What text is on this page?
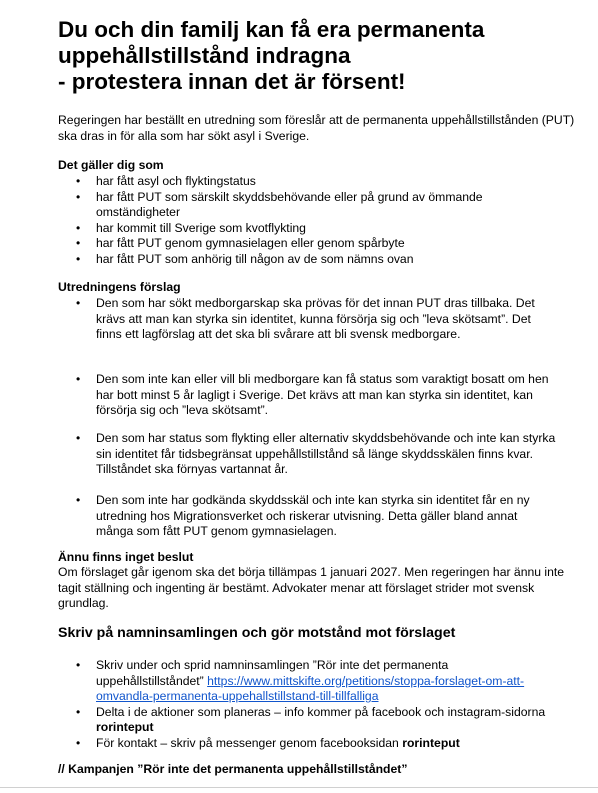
Du och din familj kan få era permanenta
uppehållstillstånd indragna
- protestera innan det är försent!

Regeringen har beställt en utredning som föreslår att de permanenta uppehållstillstånden (PUT) ska dras in för alla som har sökt asyl i Sverige.

Det gäller dig som

•	har fått asyl och flyktingstatus
•	har fått PUT som särskilt skyddsbehövande eller på grund av ömmande omständigheter
•	har kommit till Sverige som kvotflykting
•	har fått PUT genom gymnasielagen eller genom spårbyte
•	har fått PUT som anhörig till någon av de som nämns ovan

Utredningens förslag

•	Den som har sökt medborgarskap ska prövas för det innan PUT dras tillbaka. Det krävs att man kan styrka sin identitet, kunna försörja sig och ”leva skötsamt”. Det finns ett lagförslag att det ska bli svårare att bli svensk medborgare.
•	Den som inte kan eller vill bli medborgare kan få status som varaktigt bosatt om hen har bott minst 5 år lagligt i Sverige. Det krävs att man kan styrka sin identitet, kan försörja sig och ”leva skötsamt”.
•	Den som har status som flykting eller alternativ skyddsbehövande och inte kan styrka sin identitet får tidsbegränsat uppehållstillstånd så länge skyddsskälen finns kvar. Tillståndet ska förnyas vartannat år.
•	Den som inte har godkända skyddsskäl och inte kan styrka sin identitet får en ny utredning hos Migrationsverket och riskerar utvisning. Detta gäller bland annat många som fått PUT genom gymnasielagen.

Ännu finns inget beslut

Om förslaget går igenom ska det börja tillämpas 1 januari 2027. Men regeringen har ännu inte tagit ställning och ingenting är bestämt. Advokater menar att förslaget strider mot svensk grundlag.

Skriv på namninsamlingen och gör motstånd mot förslaget

•	Skriv under och sprid namninsamlingen ”Rör inte det permanenta uppehållstillståndet” https://www.mittskifte.org/petitions/stoppa-forslaget-om-att-omvandla-permanenta-uppehallstillstand-till-tillfalliga
•	Delta i de aktioner som planeras – info kommer på facebook och instagram-sidorna rorinteput
•	För kontakt – skriv på messenger genom facebooksidan rorinteput

// Kampanjen ”Rör inte det permanenta uppehållstillståndet”
